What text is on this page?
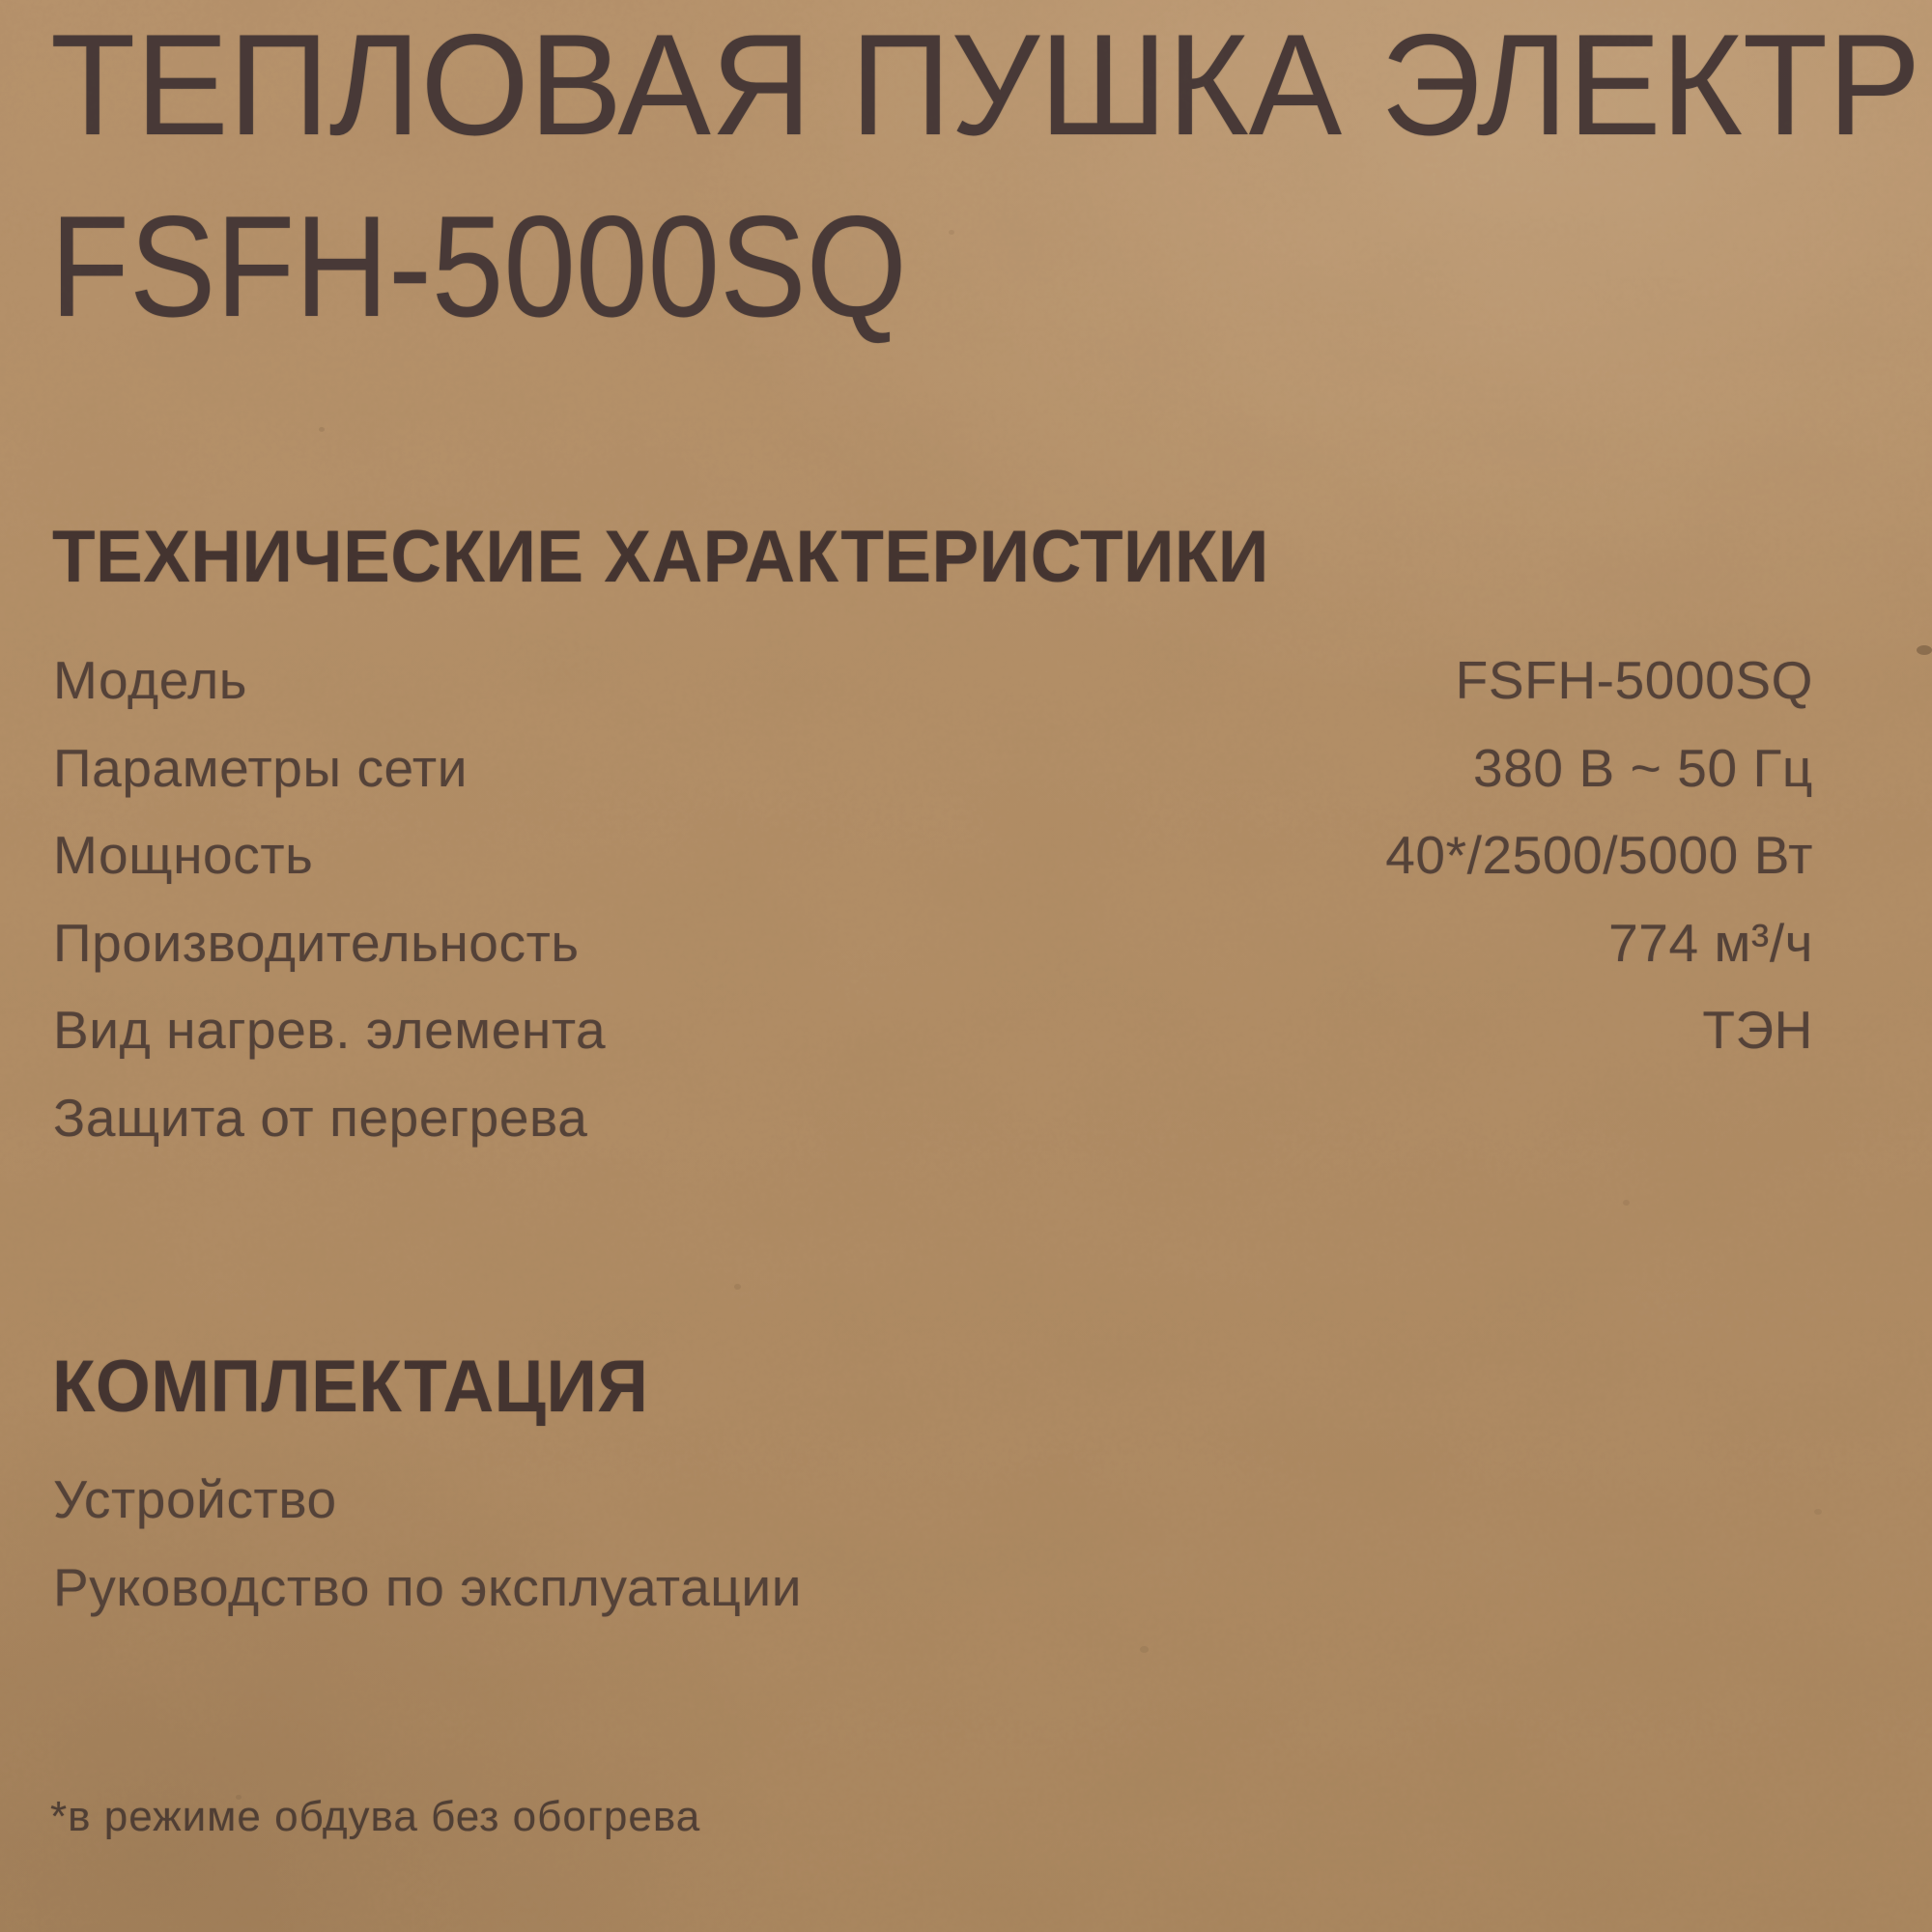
ТЕПЛОВАЯ ПУШКА ЭЛЕКТР
FSFH-5000SQ
ТЕХНИЧЕСКИЕ ХАРАКТЕРИСТИКИ
Модель	FSFH-5000SQ
Параметры сети	380 В ~ 50 Гц
Мощность	40*/2500/5000 Вт
Производительность	774 м³/ч
Вид нагрев. элемента	ТЭН
Защита от перегрева
КОМПЛЕКТАЦИЯ
Устройство
Руководство по эксплуатации
*в режиме обдува без обогрева
